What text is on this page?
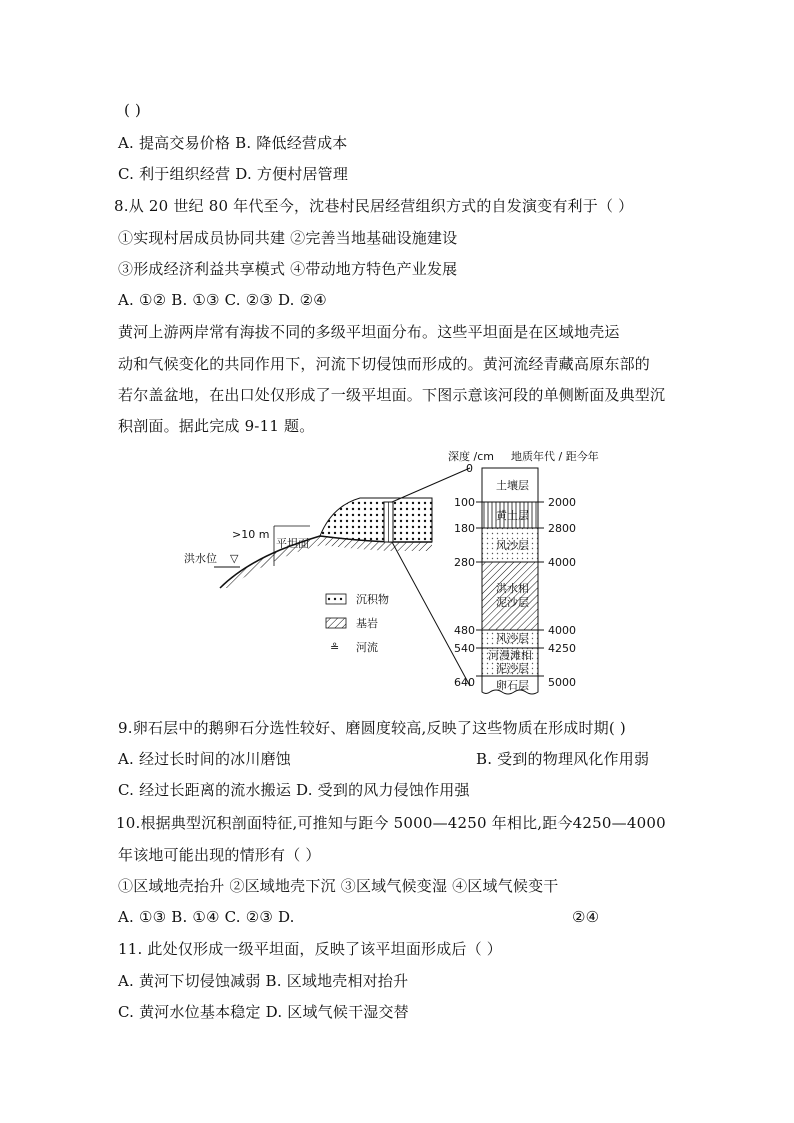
( )
A. 提高交易价格 B. 降低经营成本
C. 利于组织经营 D. 方便村居管理
8.从 20 世纪 80 年代至今，沈巷村民居经营组织方式的自发演变有利于（ ）
①实现村居成员协同共建 ②完善当地基础设施建设
③形成经济利益共享模式 ④带动地方特色产业发展
A. ①② B. ①③ C. ②③ D. ②④
黄河上游两岸常有海拔不同的多级平坦面分布。这些平坦面是在区域地壳运
动和气候变化的共同作用下，河流下切侵蚀而形成的。黄河流经青藏高原东部的
若尔盖盆地，在出口处仅形成了一级平坦面。下图示意该河段的单侧断面及典型沉
积剖面。据此完成 9-11 题。
深度 /cm 地质年代 / 距今年
>10 m
平坦面
洪水位 ▽
土壤层
黄土层
风沙层
洪水相
泥沙层
风沙层
河漫滩相
泥沙层
卵石层
0
100
180
280
480
540
640
2000
2800
4000
4000
4250
5000
沉积物
基岩
≗ 河流
9.卵石层中的鹅卵石分选性较好、磨圆度较高,反映了这些物质在形成时期( )
A. 经过长时间的冰川磨蚀	B. 受到的物理风化作用弱
C. 经过长距离的流水搬运 D. 受到的风力侵蚀作用强
10.根据典型沉积剖面特征,可推知与距今 5000—4250 年相比,距今4250—4000
年该地可能出现的情形有（ ）
①区域地壳抬升 ②区域地壳下沉 ③区域气候变湿 ④区域气候变干
A. ①③ B. ①④ C. ②③ D.	②④
11. 此处仅形成一级平坦面，反映了该平坦面形成后（ ）
A. 黄河下切侵蚀减弱 B. 区域地壳相对抬升
C. 黄河水位基本稳定 D. 区域气候干湿交替
